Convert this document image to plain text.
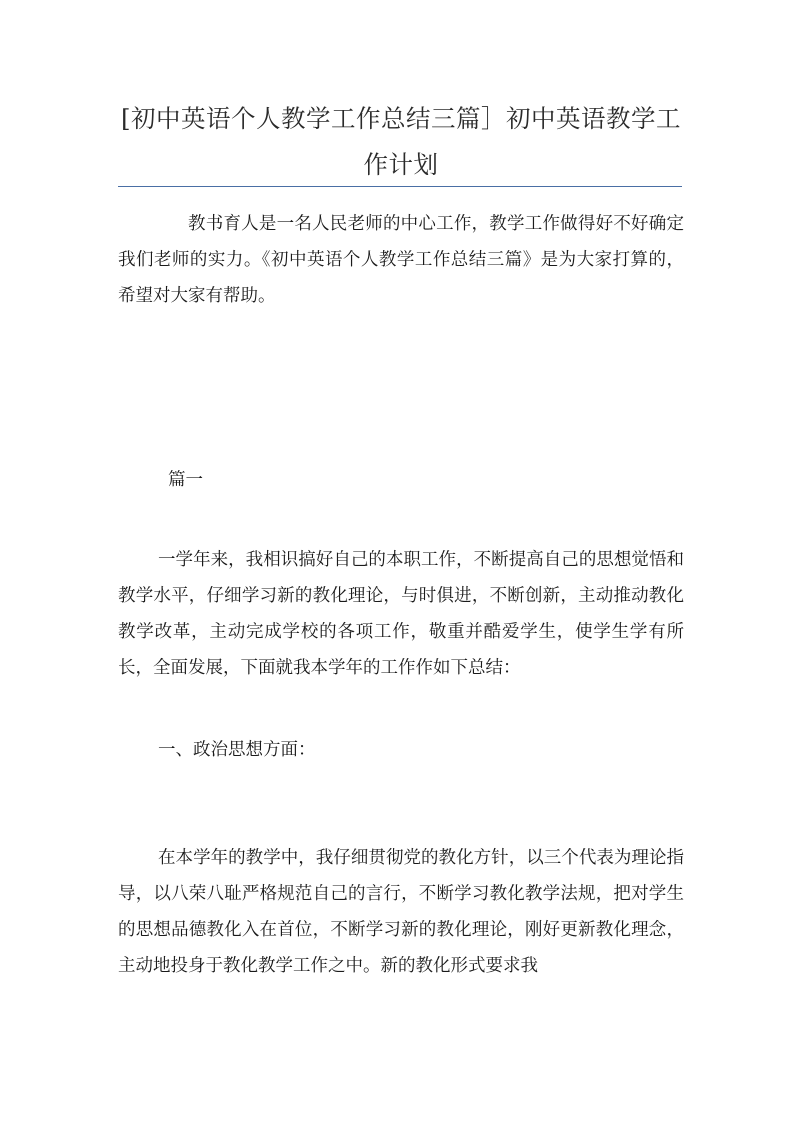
[初中英语个人教学工作总结三篇］初中英语教学工作计划
教书育人是一名人民老师的中心工作，教学工作做得好不好确定我们老师的实力。《初中英语个人教学工作总结三篇》是为大家打算的，希望对大家有帮助。
篇一
一学年来，我相识搞好自己的本职工作，不断提高自己的思想觉悟和教学水平，仔细学习新的教化理论，与时俱进，不断创新，主动推动教化教学改革，主动完成学校的各项工作，敬重并酷爱学生，使学生学有所长，全面发展，下面就我本学年的工作作如下总结：
一、政治思想方面：
在本学年的教学中，我仔细贯彻党的教化方针，以三个代表为理论指导，以八荣八耻严格规范自己的言行，不断学习教化教学法规，把对学生的思想品德教化入在首位，不断学习新的教化理论，刚好更新教化理念，主动地投身于教化教学工作之中。新的教化形式要求我
